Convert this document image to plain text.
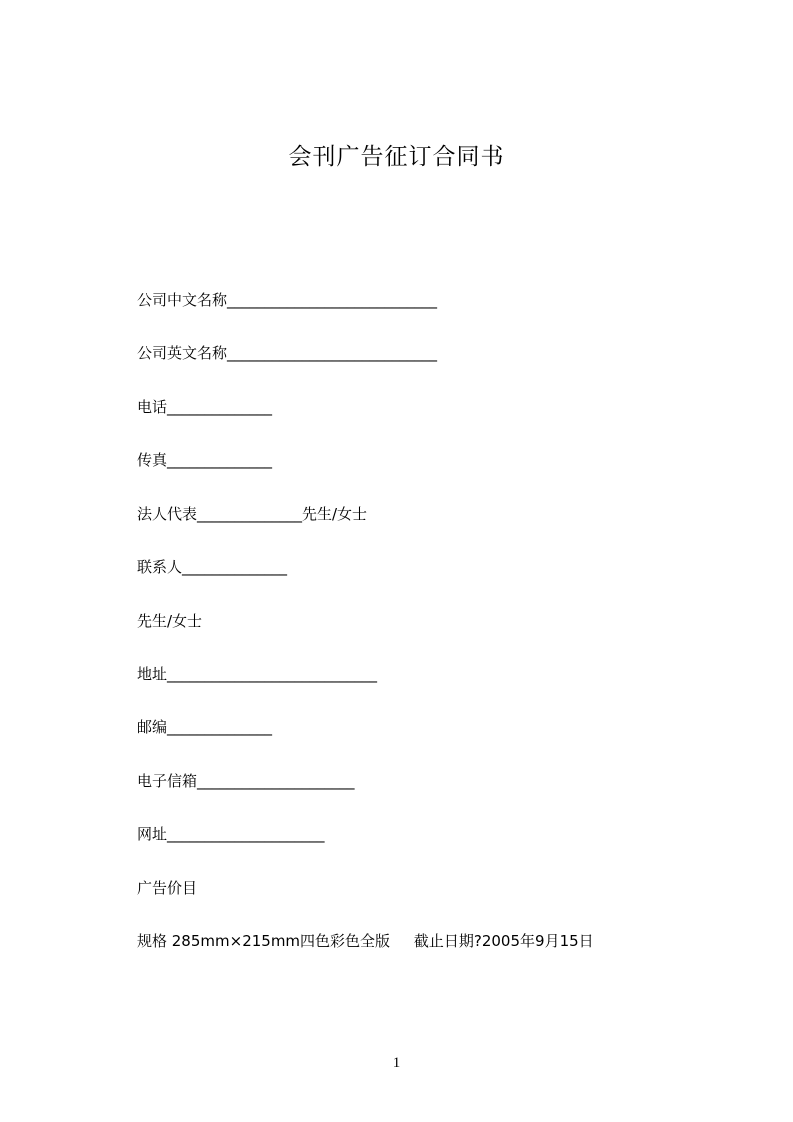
会刊广告征订合同书
公司中文名称____________________________
公司英文名称____________________________
电话______________
传真______________
法人代表______________先生/女士
联系人______________
先生/女士
地址____________________________
邮编______________
电子信箱_____________________
网址_____________________
广告价目
规格 285mm×215mm四色彩色全版     截止日期?2005年9月15日
1
